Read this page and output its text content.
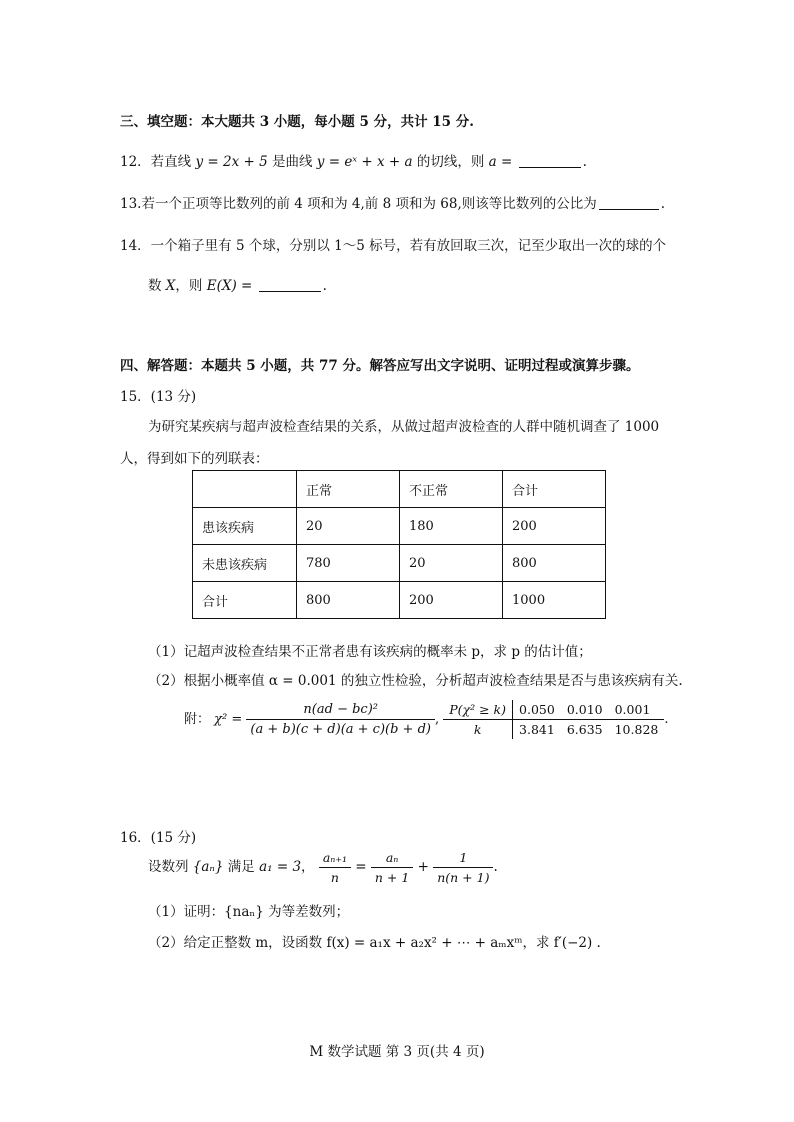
三、填空题：本大题共 3 小题，每小题 5 分，共计 15 分.
12．若直线 y = 2x + 5 是曲线 y = eˣ + x + a 的切线，则 a =	.
13.若一个正项等比数列的前 4 项和为 4,前 8 项和为 68,则该等比数列的公比为	.
14．一个箱子里有 5 个球，分别以 1～5 标号，若有放回取三次，记至少取出一次的球的个
数 X，则 E(X) =	.
四、解答题：本题共 5 小题，共 77 分。解答应写出文字说明、证明过程或演算步骤。
15．(13 分)
为研究某疾病与超声波检查结果的关系，从做过超声波检查的人群中随机调查了 1000
人，得到如下的列联表：
	正常	不正常	合计
患该疾病	20	180	200
未患该疾病	780	20	800
合计	800	200	1000
（1）记超声波检查结果不正常者患有该疾病的概率未 p，求 p 的估计值；
（2）根据小概率值 α = 0.001 的独立性检验，分析超声波检查结果是否与患该疾病有关.
附： $\chi^2 = \frac{\text{n(ad − bc)²}}{(a + b)(c + d)(a + c)(b + d)}$ ,
P(χ² ≥ k)	0.050	0.010	0.001
k	3.841	6.635	10.828
.
16．(15 分)
设数列 {aₙ} 满足 a₁ = 3， $\frac{\text{aₙ₊₁}}{n} = \frac{\text{aₙ}}{n + 1} + \frac{1}{n(n + 1)}$ .
（1）证明：{naₙ} 为等差数列；
（2）给定正整数 m，设函数 f(x) = a₁x + a₂x² + ⋯ + aₘxᵐ，求 f′(−2) .
M 数学试题 第 3 页(共 4 页)
